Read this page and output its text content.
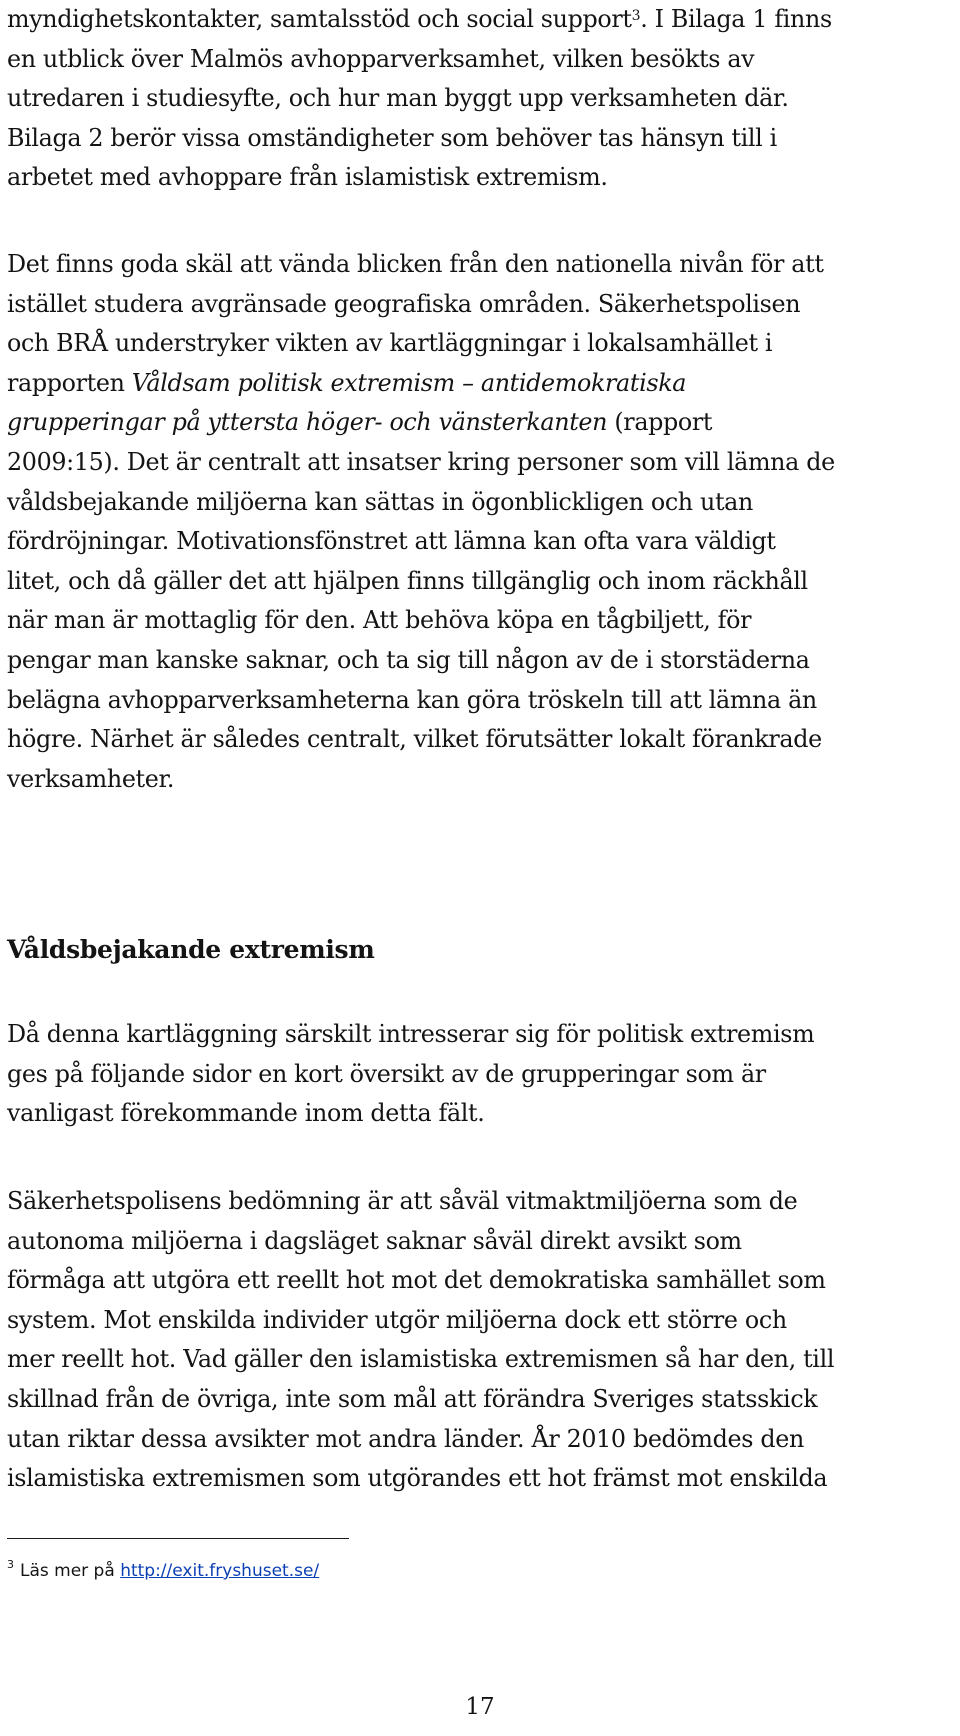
myndighetskontakter, samtalsstöd och social support$^3$. I Bilaga 1 finns
en utblick över Malmös avhopparverksamhet, vilken besökts av
utredaren i studiesyfte, och hur man byggt upp verksamheten där.
Bilaga 2 berör vissa omständigheter som behöver tas hänsyn till i
arbetet med avhoppare från islamistisk extremism.

Det finns goda skäl att vända blicken från den nationella nivån för att
istället studera avgränsade geografiska områden. Säkerhetspolisen
och BRÅ understryker vikten av kartläggningar i lokalsamhället i
rapporten Våldsam politisk extremism – antidemokratiska
grupperingar på yttersta höger- och vänsterkanten (rapport
2009:15). Det är centralt att insatser kring personer som vill lämna de
våldsbejakande miljöerna kan sättas in ögonblickligen och utan
fördröjningar. Motivationsfönstret att lämna kan ofta vara väldigt
litet, och då gäller det att hjälpen finns tillgänglig och inom räckhåll
när man är mottaglig för den. Att behöva köpa en tågbiljett, för
pengar man kanske saknar, och ta sig till någon av de i storstäderna
belägna avhopparverksamheterna kan göra tröskeln till att lämna än
högre. Närhet är således centralt, vilket förutsätter lokalt förankrade
verksamheter.

Våldsbejakande extremism

Då denna kartläggning särskilt intresserar sig för politisk extremism
ges på följande sidor en kort översikt av de grupperingar som är
vanligast förekommande inom detta fält.

Säkerhetspolisens bedömning är att såväl vitmaktmiljöerna som de
autonoma miljöerna i dagsläget saknar såväl direkt avsikt som
förmåga att utgöra ett reellt hot mot det demokratiska samhället som
system. Mot enskilda individer utgör miljöerna dock ett större och
mer reellt hot. Vad gäller den islamistiska extremismen så har den, till
skillnad från de övriga, inte som mål att förändra Sveriges statsskick
utan riktar dessa avsikter mot andra länder. År 2010 bedömdes den
islamistiska extremismen som utgörandes ett hot främst mot enskilda

$^3$ Läs mer på http://exit.fryshuset.se/
17
